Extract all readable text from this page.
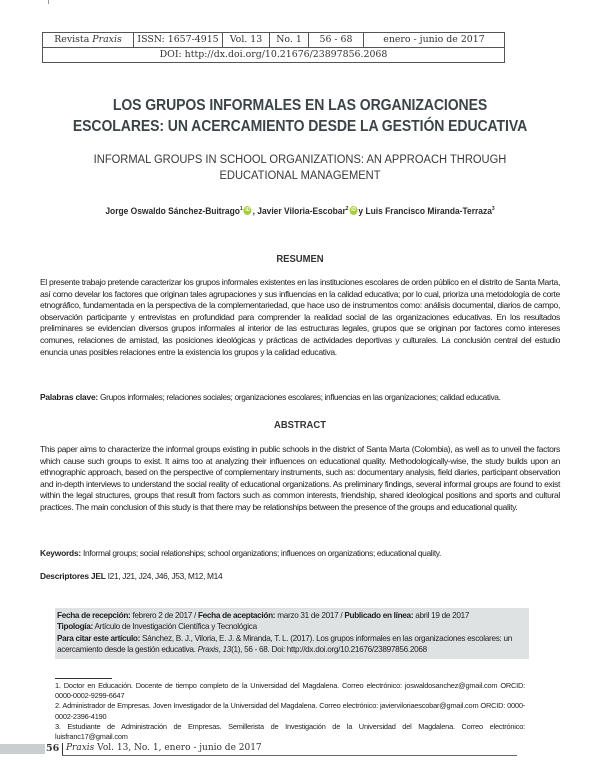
Revista Praxis	ISSN: 1657-4915	Vol. 13	No. 1	56 - 68	enero - junio de 2017
DOI: http://dx.doi.org/10.21676/23897856.2068
LOS GRUPOS INFORMALES EN LAS ORGANIZACIONES
ESCOLARES: UN ACERCAMIENTO DESDE LA GESTIÓN EDUCATIVA
INFORMAL GROUPS IN SCHOOL ORGANIZATIONS: AN APPROACH THROUGH
EDUCATIONAL MANAGEMENT
Jorge Oswaldo Sánchez-Buitrago$^1$ iD , Javier Viloria-Escobar$^2$ iD y Luis Francisco Miranda-Terraza$^3$
RESUMEN
El presente trabajo pretende caracterizar los grupos informales existentes en las instituciones escolares de orden público en el distrito de Santa Marta, así como develar los factores que originan tales agrupaciones y sus influencias en la calidad educativa; por lo cual, prioriza una metodología de corte etnográfico, fundamentada en la perspectiva de la complementariedad, que hace uso de instrumentos como: análisis documental, diarios de campo, observación participante y entrevistas en profundidad para comprender la realidad social de las organizaciones educativas. En los resultados preliminares se evidencian diversos grupos informales al interior de las estructuras legales, grupos que se originan por factores como intereses comunes, relaciones de amistad, las posiciones ideológicas y prácticas de actividades deportivas y culturales. La conclusión central del estudio enuncia unas posibles relaciones entre la existencia los grupos y la calidad educativa.
Palabras clave: Grupos informales; relaciones sociales; organizaciones escolares; influencias en las organizaciones; calidad educativa.
ABSTRACT
This paper aims to characterize the informal groups existing in public schools in the district of Santa Marta (Colombia), as well as to unveil the factors which cause such groups to exist. It aims too at analyzing their influences on educational quality. Methodologically-wise, the study builds upon an ethnographic approach, based on the perspective of complementary instruments, such as: documentary analysis, field diaries, participant observation and in-depth interviews to understand the social reality of educational organizations. As preliminary findings, several informal groups are found to exist within the legal structures, groups that result from factors such as common interests, friendship, shared ideological positions and sports and cultural practices. The main conclusion of this study is that there may be relationships between the presence of the groups and educational quality.
Keywords: Informal groups; social relationships; school organizations; influences on organizations; educational quality.
Descriptores JEL I21, J21, J24, J46, J53, M12, M14
Fecha de recepción: febrero 2 de 2017 / Fecha de aceptación: marzo 31 de 2017 / Publicado en línea: abril 19 de 2017
Tipología: Artículo de Investigación Científica y Tecnológica
Para citar este artículo: Sánchez, B. J., Viloria, E. J. & Miranda, T. L. (2017). Los grupos informales en las organizaciones escolares: un acercamiento desde la gestión educativa. Praxis, 13(1), 56 - 68. Doi: http://dx.doi.org/10.21676/23897856.2068
1. Doctor en Educación. Docente de tiempo completo de la Universidad del Magdalena. Correo electrónico: joswaldosanchez@gmail.com ORCID: 0000-0002-9299-6647
2. Administrador de Empresas. Joven Investigador de la Universidad del Magdalena. Correo electrónico: javierviloriaescobar@gmail.com ORCID: 0000-0002-2396-4190
3. Estudiante de Administración de Empresas. Semillerista de Investigación de la Universidad del Magdalena. Correo electrónico: luisfranc17@gmail.com
56 Praxis Vol. 13, No. 1, enero - junio de 2017
